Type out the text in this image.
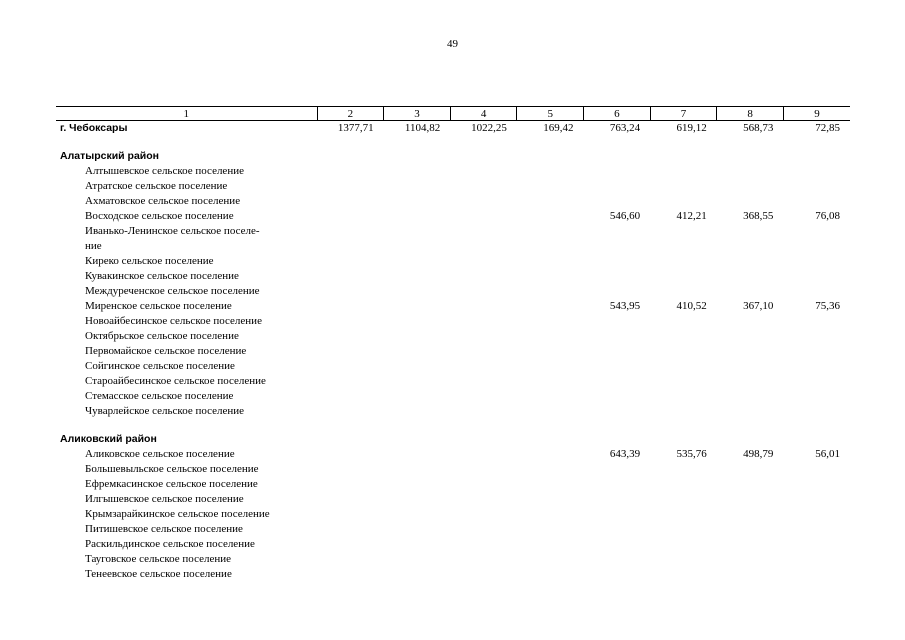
49
1	2	3	4	5	6	7	8	9
г. Чебоксары	1377,71	1104,82	1022,25	169,42	763,24	619,12	568,73	72,85

Алатырский район								
Алтышевское сельское поселение								
Атратское сельское поселение								
Ахматовское сельское поселение								
Восходское сельское поселение					546,60	412,21	368,55	76,08
Иванько-Ленинское сельское поселе-								
ние								
Киреко сельское поселение								
Кувакинское сельское поселение								
Междуреченское сельское поселение								
Миренское сельское поселение					543,95	410,52	367,10	75,36
Новоайбесинское сельское поселение								
Октябрьское сельское поселение								
Первомайское сельское поселение								
Сойгинское сельское поселение								
Староайбесинское сельское поселение								
Стемасское сельское поселение								
Чуварлейское сельское поселение								

Аликовский район								
Аликовское сельское поселение					643,39	535,76	498,79	56,01
Большевыльское сельское поселение								
Ефремкасинское сельское поселение								
Илгышевское сельское поселение								
Крымзарайкинское сельское поселение								
Питишевское сельское поселение								
Раскильдинское сельское поселение								
Тауговское сельское поселение								
Тенеевское сельское поселение								
